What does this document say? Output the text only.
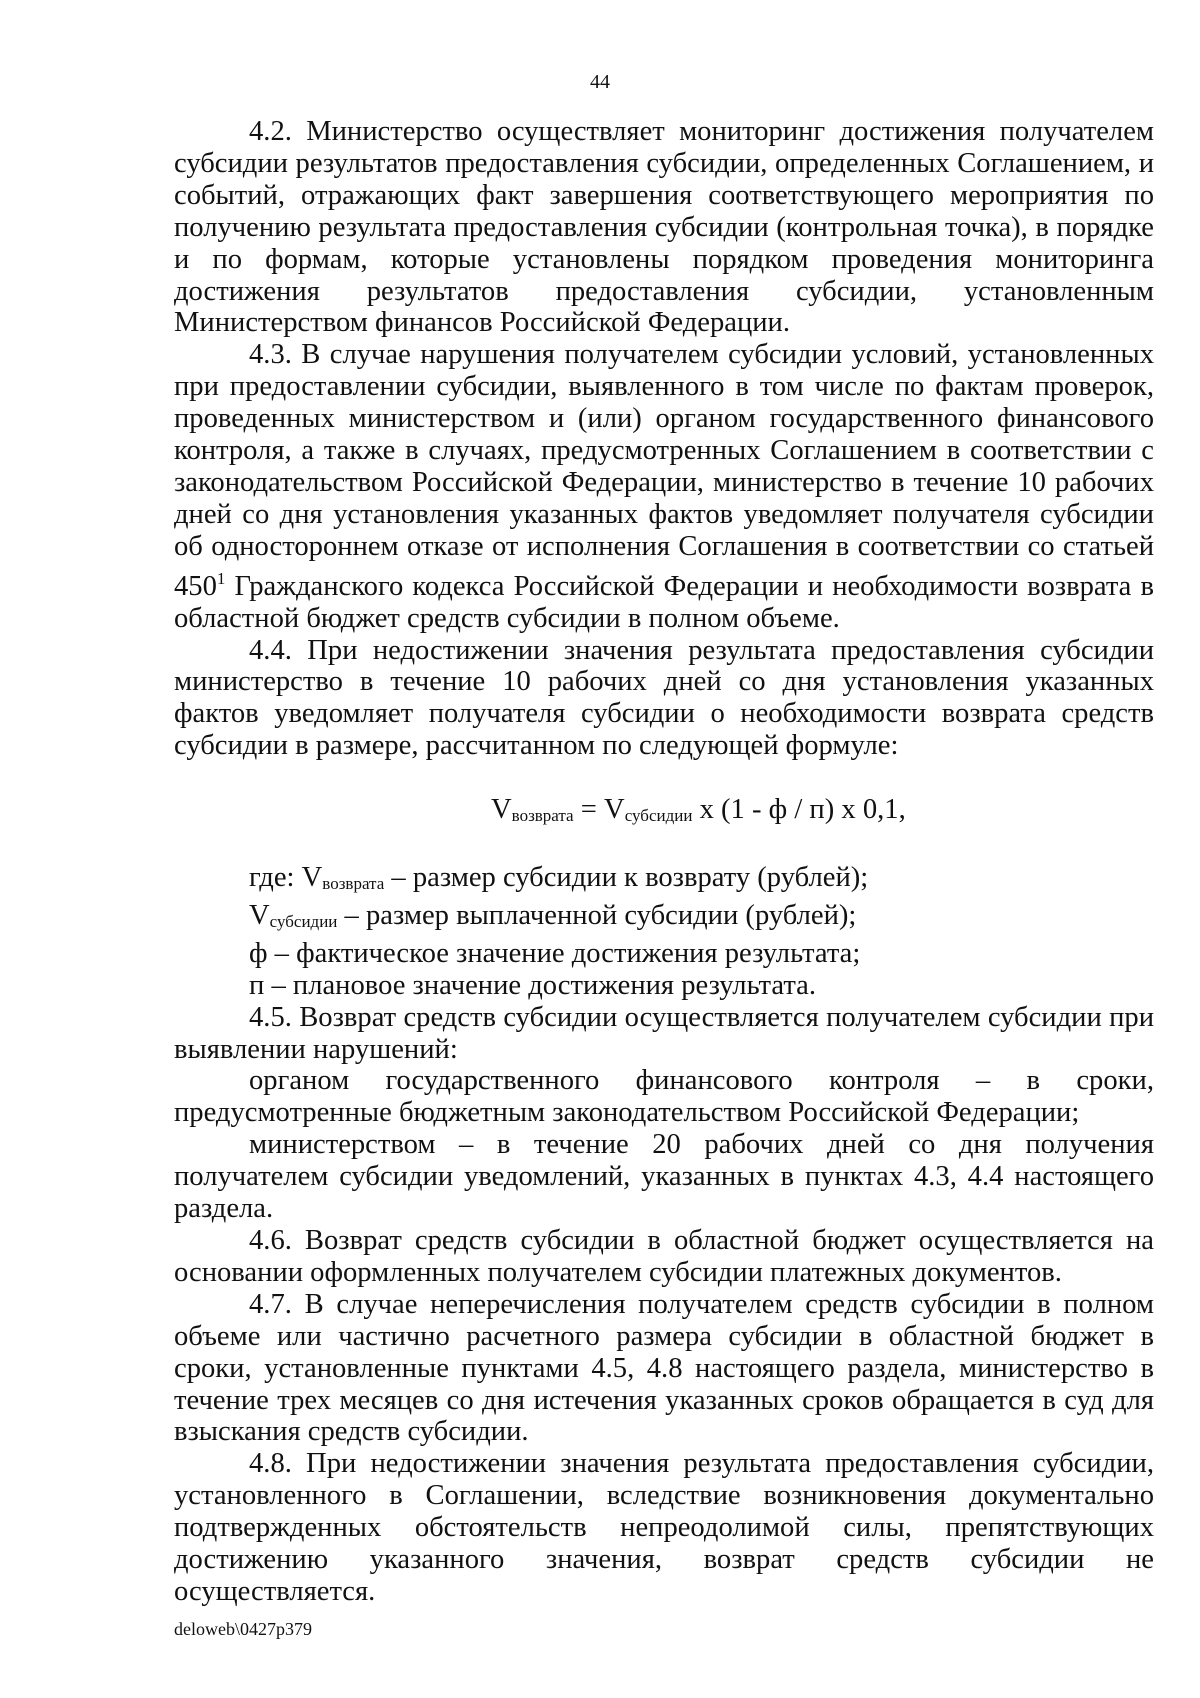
44

4.2. Министерство осуществляет мониторинг достижения получателем субсидии результатов предоставления субсидии, определенных Соглашением, и событий, отражающих факт завершения соответствующего мероприятия по получению результата предоставления субсидии (контрольная точка), в порядке и по формам, которые установлены порядком проведения мониторинга достижения результатов предоставления субсидии, установленным Министерством финансов Российской Федерации.

4.3. В случае нарушения получателем субсидии условий, установленных при предоставлении субсидии, выявленного в том числе по фактам проверок, проведенных министерством и (или) органом государственного финансового контроля, а также в случаях, предусмотренных Соглашением в соответствии с законодательством Российской Федерации, министерство в течение 10 рабочих дней со дня установления указанных фактов уведомляет получателя субсидии об одностороннем отказе от исполнения Соглашения в соответствии со статьей $450^1$ Гражданского кодекса Российской Федерации и необходимости возврата в областной бюджет средств субсидии в полном объеме.

4.4. При недостижении значения результата предоставления субсидии министерство в течение 10 рабочих дней со дня установления указанных фактов уведомляет получателя субсидии о необходимости возврата средств субсидии в размере, рассчитанном по следующей формуле:

Vвозврата = Vсубсидии х (1 - ф / п) х 0,1,

где: Vвозврата – размер субсидии к возврату (рублей);

Vсубсидии – размер выплаченной субсидии (рублей);

ф – фактическое значение достижения результата;

п – плановое значение достижения результата.

4.5. Возврат средств субсидии осуществляется получателем субсидии при выявлении нарушений:

органом государственного финансового контроля – в сроки, предусмотренные бюджетным законодательством Российской Федерации;

министерством – в течение 20 рабочих дней со дня получения получателем субсидии уведомлений, указанных в пунктах 4.3, 4.4 настоящего раздела.

4.6. Возврат средств субсидии в областной бюджет осуществляется на основании оформленных получателем субсидии платежных документов.

4.7. В случае неперечисления получателем средств субсидии в полном объеме или частично расчетного размера субсидии в областной бюджет в сроки, установленные пунктами 4.5, 4.8 настоящего раздела, министерство в течение трех месяцев со дня истечения указанных сроков обращается в суд для взыскания средств субсидии.

4.8. При недостижении значения результата предоставления субсидии, установленного в Соглашении, вследствие возникновения документально подтвержденных обстоятельств непреодолимой силы, препятствующих достижению указанного значения, возврат средств субсидии не осуществляется.

deloweb\0427p379
